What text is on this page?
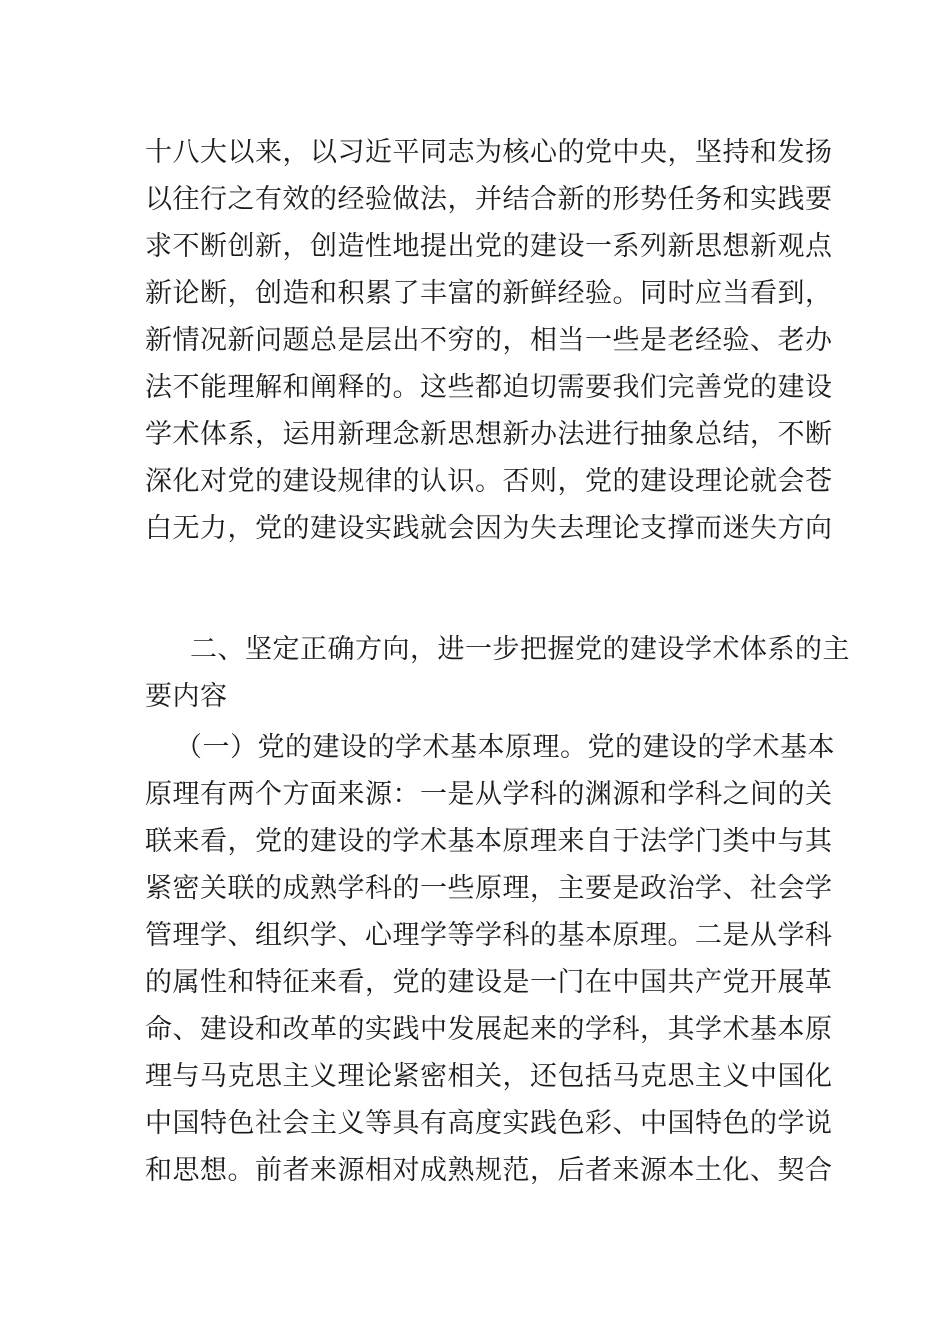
十八大以来，以习近平同志为核心的党中央，坚持和发扬
以往行之有效的经验做法，并结合新的形势任务和实践要
求不断创新，创造性地提出党的建设一系列新思想新观点
新论断，创造和积累了丰富的新鲜经验。同时应当看到，
新情况新问题总是层出不穷的，相当一些是老经验、老办
法不能理解和阐释的。这些都迫切需要我们完善党的建设
学术体系，运用新理念新思想新办法进行抽象总结，不断
深化对党的建设规律的认识。否则，党的建设理论就会苍
白无力，党的建设实践就会因为失去理论支撑而迷失方向
二、坚定正确方向，进一步把握党的建设学术体系的主
要内容
（一）党的建设的学术基本原理。党的建设的学术基本
原理有两个方面来源：一是从学科的渊源和学科之间的关
联来看，党的建设的学术基本原理来自于法学门类中与其
紧密关联的成熟学科的一些原理，主要是政治学、社会学
管理学、组织学、心理学等学科的基本原理。二是从学科
的属性和特征来看，党的建设是一门在中国共产党开展革
命、建设和改革的实践中发展起来的学科，其学术基本原
理与马克思主义理论紧密相关，还包括马克思主义中国化
中国特色社会主义等具有高度实践色彩、中国特色的学说
和思想。前者来源相对成熟规范，后者来源本土化、契合
